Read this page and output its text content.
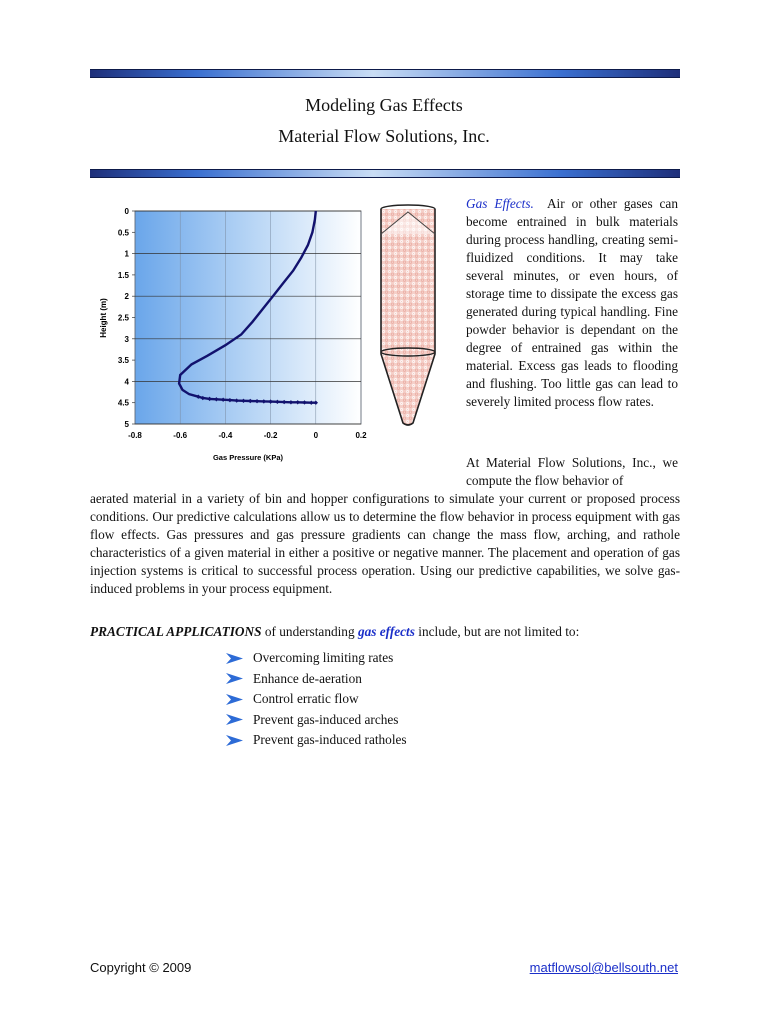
Modeling Gas Effects
Material Flow Solutions, Inc.
-0.8	-0.6	-0.4	-0.2	0	0.2
0
0.5
1
1.5
2
2.5
3
3.5
4
4.5
5
Gas Pressure (KPa)
Height (m)
Gas Effects. Air or other gases can become entrained in bulk materials during process handling, creating semi-fluidized conditions. It may take several minutes, or even hours, of storage time to dissipate the excess gas generated during typical handling. Fine powder behavior is dependant on the degree of entrained gas within the material. Excess gas leads to flooding and flushing. Too little gas can lead to severely limited process flow rates.
At Material Flow Solutions, Inc., we compute the flow behavior of
aerated material in a variety of bin and hopper configurations to simulate your current or proposed process conditions. Our predictive calculations allow us to determine the flow behavior in process equipment with gas flow effects. Gas pressures and gas pressure gradients can change the mass flow, arching, and rathole characteristics of a given material in either a positive or negative manner. The placement and operation of gas injection systems is critical to successful process operation. Using our predictive capabilities, we solve gas-induced problems in your process equipment.
PRACTICAL APPLICATIONS of understanding gas effects include, but are not limited to:
Overcoming limiting rates
Enhance de-aeration
Control erratic flow
Prevent gas-induced arches
Prevent gas-induced ratholes
Copyright © 2009	matflowsol@bellsouth.net
